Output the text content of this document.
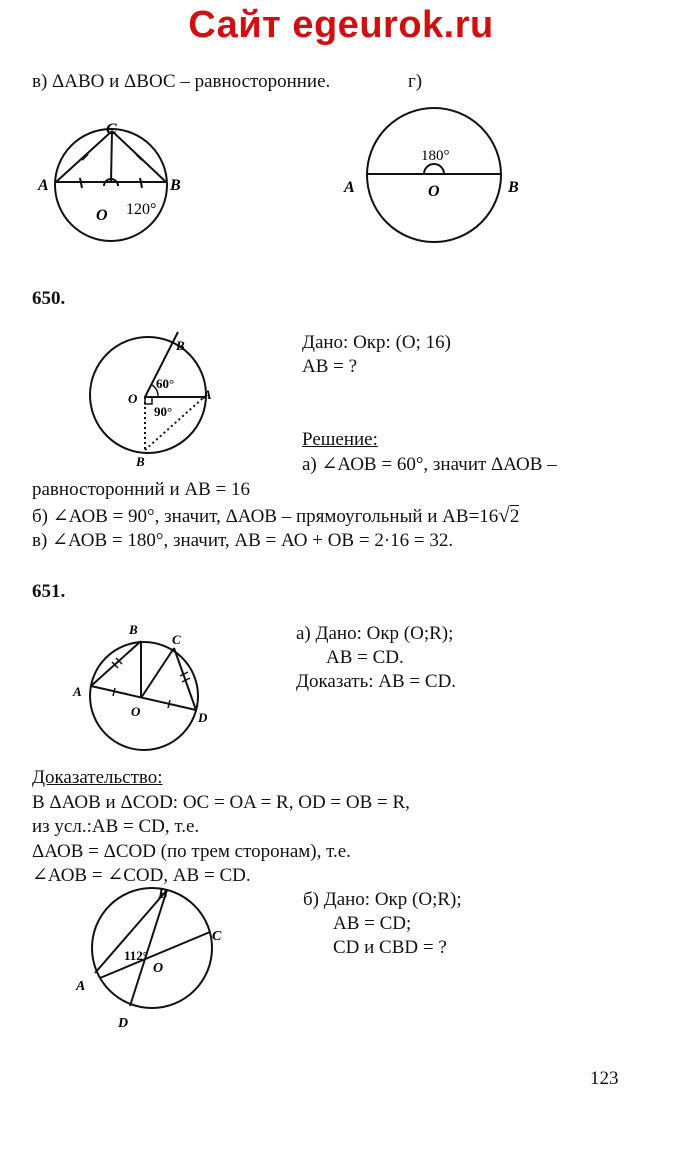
Сайт egeurok.ru
в) ΔАВО и ΔВОС – равносторонние.	г)
C
A	B
O 120°
180°
A	O	B
650.
B
60°
O	A
90°
B
Дано: Окр: (О; 16)
АВ = ?
Решение:
а) ∠АОВ = 60°, значит ΔАОВ –
равносторонний и АВ = 16
б) ∠АОВ = 90°, значит, ΔАОВ – прямоугольный и АВ=16√2
в) ∠АОВ = 180°, значит, АВ = АО + ОВ = 2·16 = 32.
651.
B
C
A
O	D
а) Дано: Окр (О;R);
АВ = CD.
Доказать: АВ = CD.
Доказательство:
В ΔАОВ и ΔCOD: OC = OA = R, OD = OB = R,
из усл.:АВ = CD, т.е.
ΔАОВ = ΔCOD (по трем сторонам), т.е.
∠АОВ = ∠COD, АВ = CD.
B
112°
O
C
A
D
б) Дано: Окр (О;R);
АВ = CD;
CD и CBD = ?
123
